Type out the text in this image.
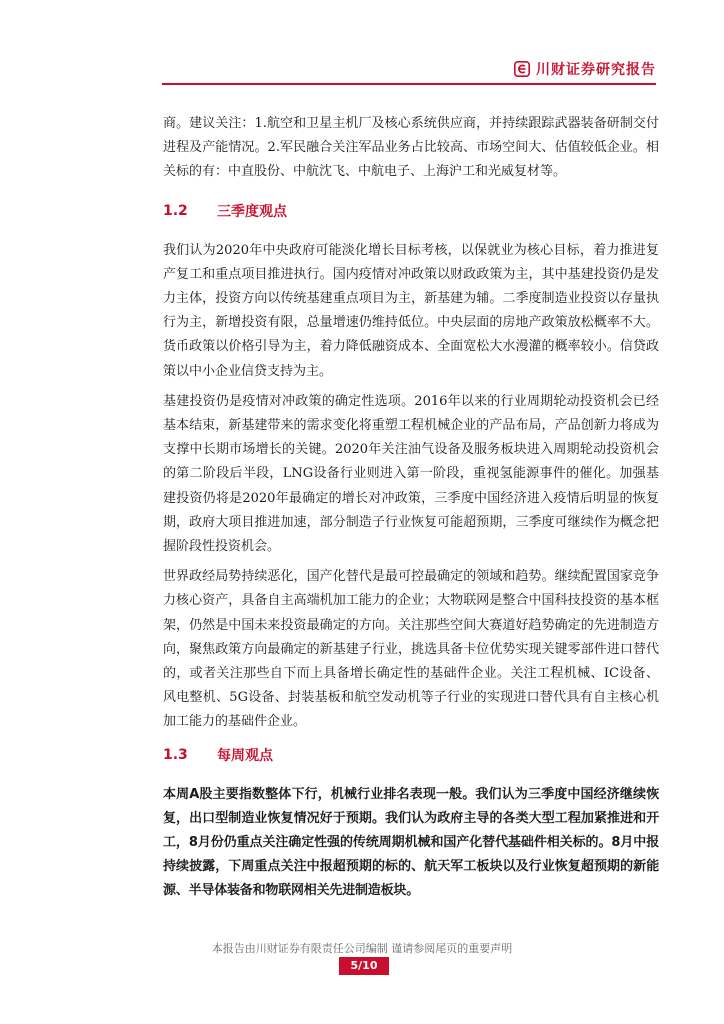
川财证券研究报告

商。建议关注：1.航空和卫星主机厂及核心系统供应商，并持续跟踪武器装备研制交付进程及产能情况。2.军民融合关注军品业务占比较高、市场空间大、估值较低企业。相关标的有：中直股份、中航沈飞、中航电子、上海沪工和光威复材等。

1.2	三季度观点

我们认为2020年中央政府可能淡化增长目标考核，以保就业为核心目标，着力推进复产复工和重点项目推进执行。国内疫情对冲政策以财政政策为主，其中基建投资仍是发力主体，投资方向以传统基建重点项目为主，新基建为辅。二季度制造业投资以存量执行为主，新增投资有限，总量增速仍维持低位。中央层面的房地产政策放松概率不大。货币政策以价格引导为主，着力降低融资成本、全面宽松大水漫灌的概率较小。信贷政策以中小企业信贷支持为主。

基建投资仍是疫情对冲政策的确定性选项。2016年以来的行业周期轮动投资机会已经基本结束，新基建带来的需求变化将重塑工程机械企业的产品布局，产品创新力将成为支撑中长期市场增长的关键。2020年关注油气设备及服务板块进入周期轮动投资机会的第二阶段后半段，LNG设备行业则进入第一阶段，重视氢能源事件的催化。加强基建投资仍将是2020年最确定的增长对冲政策，三季度中国经济进入疫情后明显的恢复期，政府大项目推进加速，部分制造子行业恢复可能超预期，三季度可继续作为概念把握阶段性投资机会。

世界政经局势持续恶化，国产化替代是最可控最确定的领域和趋势。继续配置国家竞争力核心资产，具备自主高端机加工能力的企业；大物联网是整合中国科技投资的基本框架，仍然是中国未来投资最确定的方向。关注那些空间大赛道好趋势确定的先进制造方向，聚焦政策方向最确定的新基建子行业，挑选具备卡位优势实现关键零部件进口替代的，或者关注那些自下而上具备增长确定性的基础件企业。关注工程机械、IC设备、风电整机、5G设备、封装基板和航空发动机等子行业的实现进口替代具有自主核心机加工能力的基础件企业。

1.3	每周观点

本周A股主要指数整体下行，机械行业排名表现一般。我们认为三季度中国经济继续恢复，出口型制造业恢复情况好于预期。我们认为政府主导的各类大型工程加紧推进和开工，8月份仍重点关注确定性强的传统周期机械和国产化替代基础件相关标的。8月中报持续披露，下周重点关注中报超预期的标的、航天军工板块以及行业恢复超预期的新能源、半导体装备和物联网相关先进制造板块。

本报告由川财证券有限责任公司编制 谨请参阅尾页的重要声明
5/10
